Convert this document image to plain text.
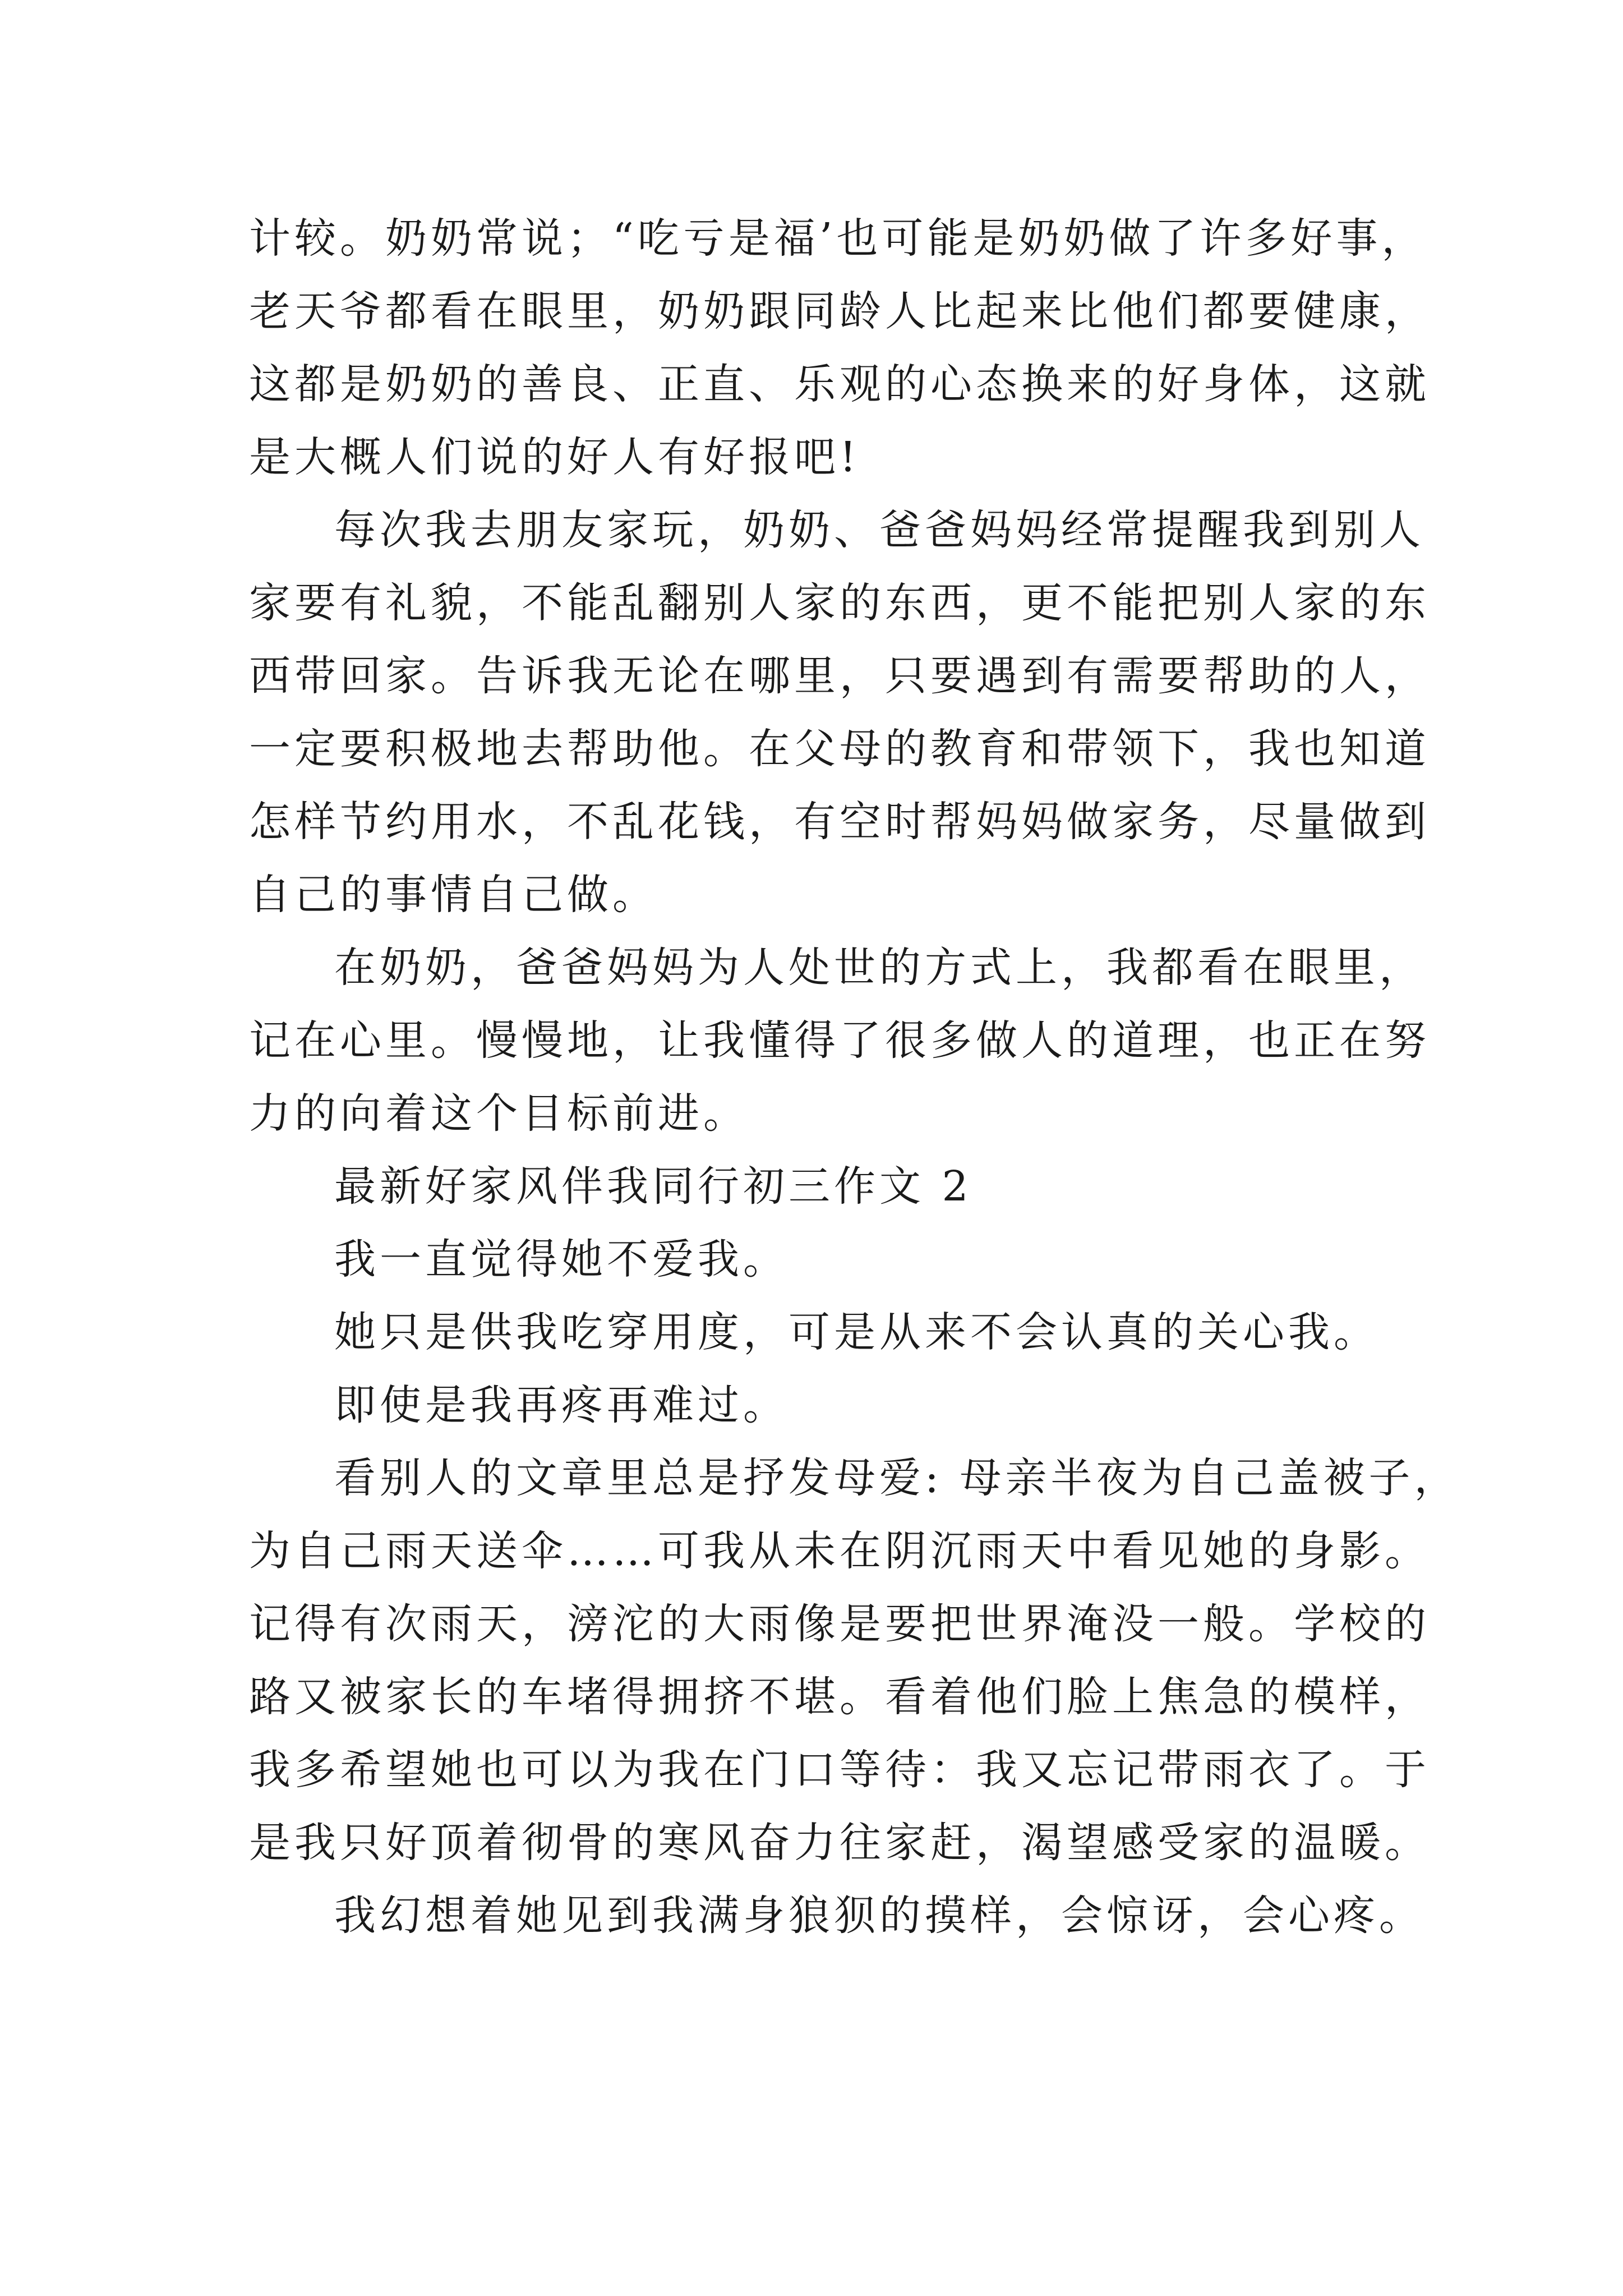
计较。奶奶常说；“吃亏是福’也可能是奶奶做了许多好事，
老天爷都看在眼里，奶奶跟同龄人比起来比他们都要健康，
这都是奶奶的善良、正直、乐观的心态换来的好身体，这就
是大概人们说的好人有好报吧!
每次我去朋友家玩，奶奶、爸爸妈妈经常提醒我到别人
家要有礼貌，不能乱翻别人家的东西，更不能把别人家的东
西带回家。告诉我无论在哪里，只要遇到有需要帮助的人，
一定要积极地去帮助他。在父母的教育和带领下，我也知道
怎样节约用水，不乱花钱，有空时帮妈妈做家务，尽量做到
自己的事情自己做。
在奶奶，爸爸妈妈为人处世的方式上，我都看在眼里，
记在心里。慢慢地，让我懂得了很多做人的道理，也正在努
力的向着这个目标前进。
最新好家风伴我同行初三作文 2
我一直觉得她不爱我。
她只是供我吃穿用度，可是从来不会认真的关心我。
即使是我再疼再难过。
看别人的文章里总是抒发母爱: 母亲半夜为自己盖被子，
为自己雨天送伞……可我从未在阴沉雨天中看见她的身影。
记得有次雨天，滂沱的大雨像是要把世界淹没一般。学校的
路又被家长的车堵得拥挤不堪。看着他们脸上焦急的模样，
我多希望她也可以为我在门口等待：我又忘记带雨衣了。于
是我只好顶着彻骨的寒风奋力往家赶，渴望感受家的温暖。
我幻想着她见到我满身狼狈的摸样，会惊讶，会心疼。
